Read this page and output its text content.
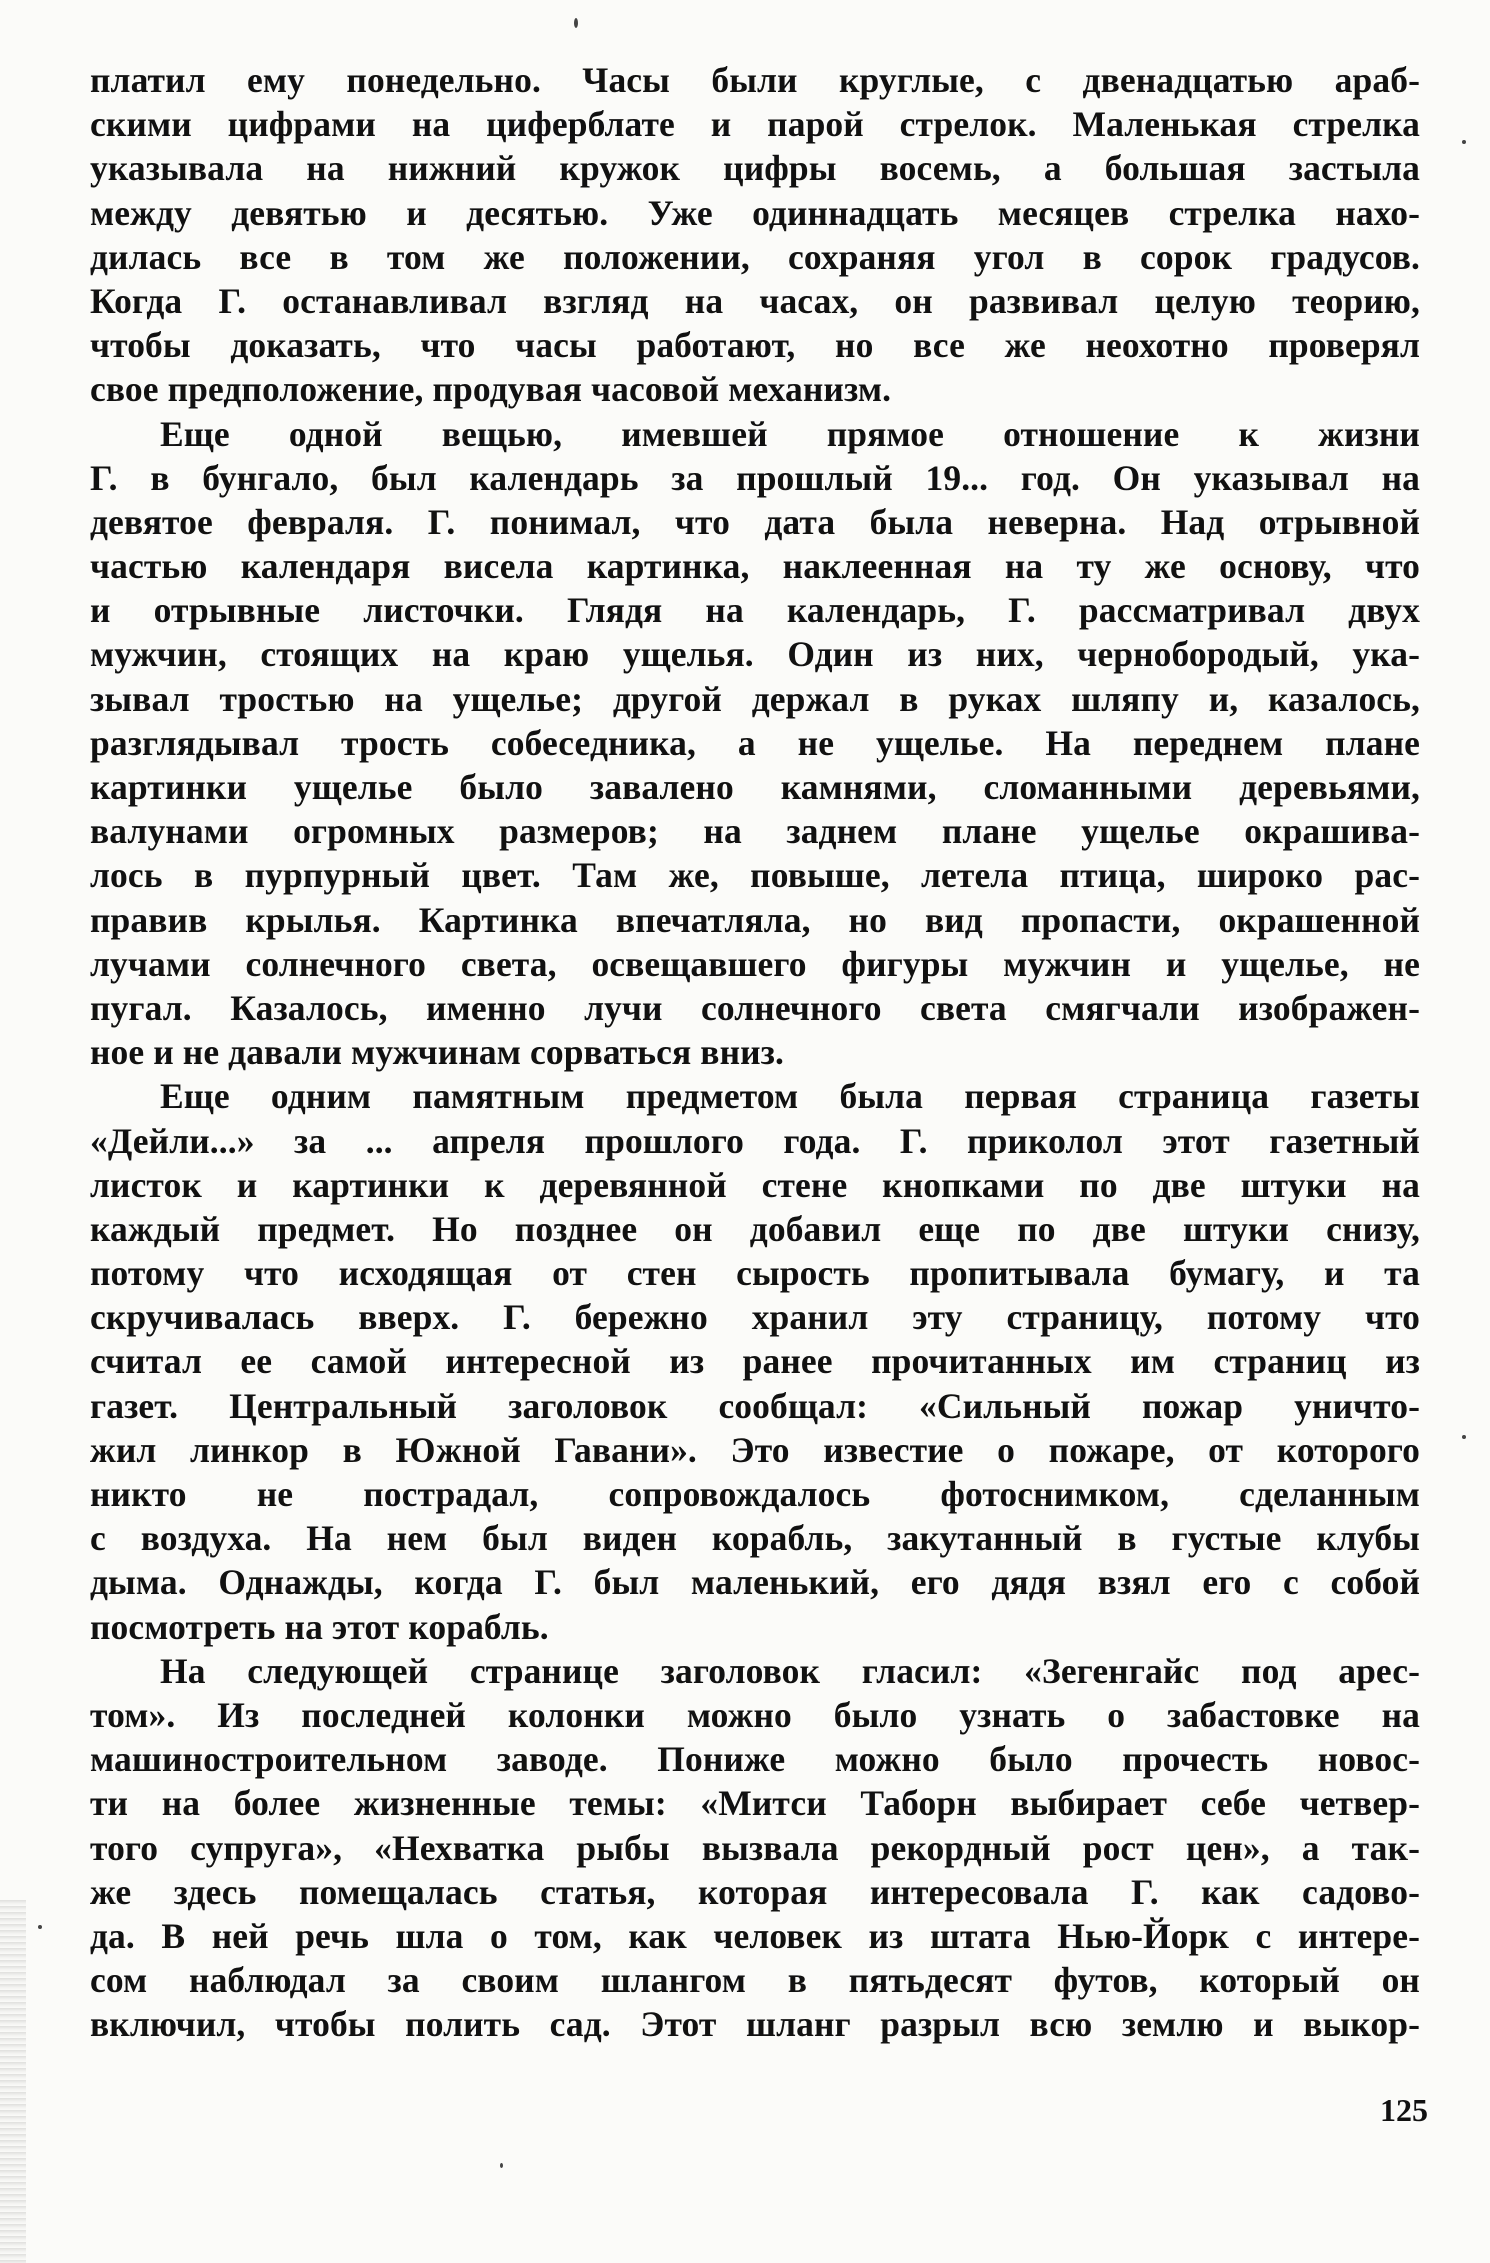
платил ему понедельно. Часы были круглые, с двенадцатью араб-
скими цифрами на циферблате и парой стрелок. Маленькая стрелка
указывала на нижний кружок цифры восемь, а большая застыла
между девятью и десятью. Уже одиннадцать месяцев стрелка нахо-
дилась все в том же положении, сохраняя угол в сорок градусов.
Когда Г. останавливал взгляд на часах, он развивал целую теорию,
чтобы доказать, что часы работают, но все же неохотно проверял
свое предположение, продувая часовой механизм.
Еще одной вещью, имевшей прямое отношение к жизни
Г. в бунгало, был календарь за прошлый 19... год. Он указывал на
девятое февраля. Г. понимал, что дата была неверна. Над отрывной
частью календаря висела картинка, наклеенная на ту же основу, что
и отрывные листочки. Глядя на календарь, Г. рассматривал двух
мужчин, стоящих на краю ущелья. Один из них, чернобородый, ука-
зывал тростью на ущелье; другой держал в руках шляпу и, казалось,
разглядывал трость собеседника, а не ущелье. На переднем плане
картинки ущелье было завалено камнями, сломанными деревьями,
валунами огромных размеров; на заднем плане ущелье окрашива-
лось в пурпурный цвет. Там же, повыше, летела птица, широко рас-
правив крылья. Картинка впечатляла, но вид пропасти, окрашенной
лучами солнечного света, освещавшего фигуры мужчин и ущелье, не
пугал. Казалось, именно лучи солнечного света смягчали изображен-
ное и не давали мужчинам сорваться вниз.
Еще одним памятным предметом была первая страница газеты
«Дейли...» за ... апреля прошлого года. Г. приколол этот газетный
листок и картинки к деревянной стене кнопками по две штуки на
каждый предмет. Но позднее он добавил еще по две штуки снизу,
потому что исходящая от стен сырость пропитывала бумагу, и та
скручивалась вверх. Г. бережно хранил эту страницу, потому что
считал ее самой интересной из ранее прочитанных им страниц из
газет. Центральный заголовок сообщал: «Сильный пожар уничто-
жил линкор в Южной Гавани». Это известие о пожаре, от которого
никто не пострадал, сопровождалось фотоснимком, сделанным
с воздуха. На нем был виден корабль, закутанный в густые клубы
дыма. Однажды, когда Г. был маленький, его дядя взял его с собой
посмотреть на этот корабль.
На следующей странице заголовок гласил: «Зегенгайс под арес-
том». Из последней колонки можно было узнать о забастовке на
машиностроительном заводе. Пониже можно было прочесть новос-
ти на более жизненные темы: «Митси Таборн выбирает себе четвер-
того супруга», «Нехватка рыбы вызвала рекордный рост цен», а так-
же здесь помещалась статья, которая интересовала Г. как садово-
да. В ней речь шла о том, как человек из штата Нью-Йорк с интере-
сом наблюдал за своим шлангом в пятьдесят футов, который он
включил, чтобы полить сад. Этот шланг разрыл всю землю и выкор-
125
